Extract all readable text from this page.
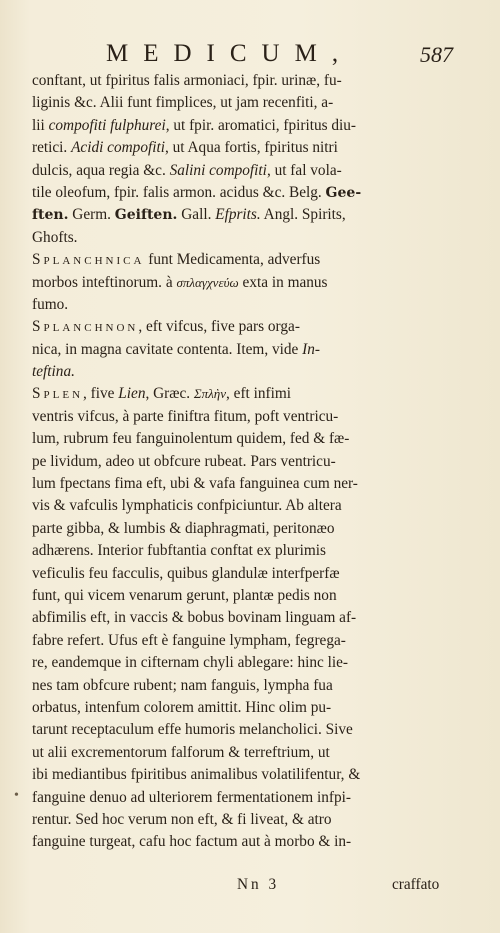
MEDICUM,	587
conftant, ut fpiritus falis armoniaci, fpir. urinæ, fu-
liginis &c. Alii funt fimplices, ut jam recenfiti, a-
lii compofiti fulphurei, ut fpir. aromatici, fpiritus diu-
retici. Acidi compofiti, ut Aqua fortis, fpiritus nitri
dulcis, aqua regia &c. Salini compofiti, ut fal vola-
tile oleofum, fpir. falis armon. acidus &c. Belg. Gee-
ften. Germ. Geiften. Gall. Efprits. Angl. Spirits,
Ghofts.
Splanchnica funt Medicamenta, adverfus
morbos inteftinorum. à σπλαγχνεύω exta in manus
fumo.
Splanchnon, eft vifcus, five pars orga-
nica, in magna cavitate contenta. Item, vide In-
teftina.
Splen, five Lien, Græc. Σπλὴν, eft infimi
ventris vifcus, à parte finiftra fitum, poft ventricu-
lum, rubrum feu fanguinolentum quidem, fed & fæ-
pe lividum, adeo ut obfcure rubeat. Pars ventricu-
lum fpectans fima eft, ubi & vafa fanguinea cum ner-
vis & vafculis lymphaticis confpiciuntur. Ab altera
parte gibba, & lumbis & diaphragmati, peritonæo
adhærens. Interior fubftantia conftat ex plurimis
veficulis feu facculis, quibus glandulæ interfperfæ
funt, qui vicem venarum gerunt, plantæ pedis non
abfimilis eft, in vaccis & bobus bovinam linguam af-
fabre refert. Ufus eft è fanguine lympham, fegrega-
re, eandemque in cifternam chyli ablegare: hinc lie-
nes tam obfcure rubent; nam fanguis, lympha fua
orbatus, intenfum colorem amittit. Hinc olim pu-
tarunt receptaculum effe humoris melancholici. Sive
ut alii excrementorum falforum & terreftrium, ut
ibi mediantibus fpiritibus animalibus volatilifentur, &
fanguine denuo ad ulteriorem fermentationem infpi-
rentur. Sed hoc verum non eft, & fi liveat, & atro
fanguine turgeat, cafu hoc factum aut à morbo & in-
•
Nn 3	craffato
